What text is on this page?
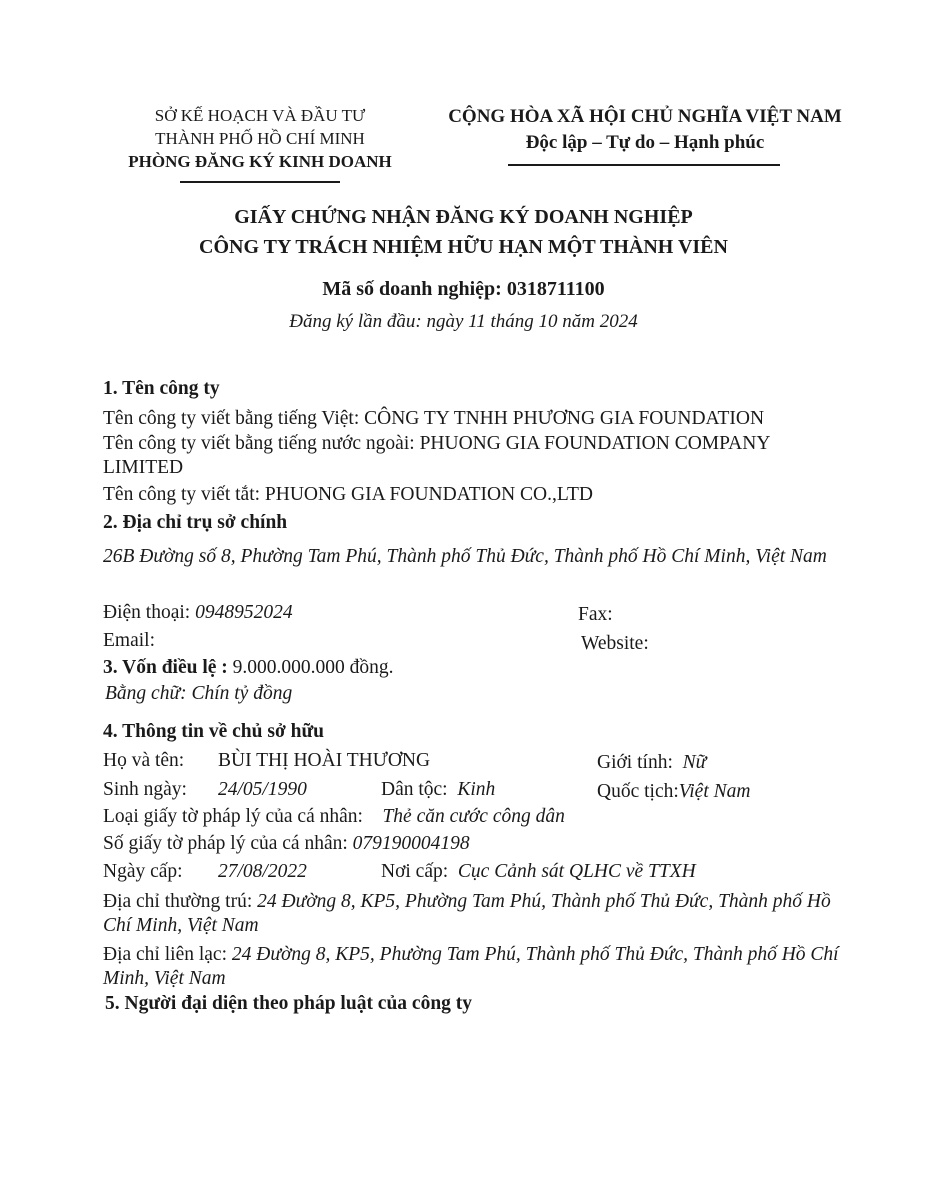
SỞ KẾ HOẠCH VÀ ĐẦU TƯ
THÀNH PHỐ HỒ CHÍ MINH
PHÒNG ĐĂNG KÝ KINH DOANH
CỘNG HÒA XÃ HỘI CHỦ NGHĨA VIỆT NAM
Độc lập – Tự do – Hạnh phúc
GIẤY CHỨNG NHẬN ĐĂNG KÝ DOANH NGHIỆP
CÔNG TY TRÁCH NHIỆM HỮU HẠN MỘT THÀNH VIÊN
Mã số doanh nghiệp: 0318711100
Đăng ký lần đầu: ngày 11 tháng 10 năm 2024
1. Tên công ty
Tên công ty viết bằng tiếng Việt: CÔNG TY TNHH PHƯƠNG GIA FOUNDATION
Tên công ty viết bằng tiếng nước ngoài: PHUONG GIA FOUNDATION COMPANY LIMITED
Tên công ty viết tắt: PHUONG GIA FOUNDATION CO.,LTD
2. Địa chỉ trụ sở chính
26B Đường số 8, Phường Tam Phú, Thành phố Thủ Đức, Thành phố Hồ Chí Minh, Việt Nam
Điện thoại: 0948952024	Fax:
Email:	Website:
3. Vốn điều lệ : 9.000.000.000 đồng.
Bằng chữ: Chín tỷ đồng
4. Thông tin về chủ sở hữu
Họ và tên: BÙI THỊ HOÀI THƯƠNG	Giới tính: Nữ
Sinh ngày: 24/05/1990	Dân tộc: Kinh	Quốc tịch:Việt Nam
Loại giấy tờ pháp lý của cá nhân: Thẻ căn cước công dân
Số giấy tờ pháp lý của cá nhân: 079190004198
Ngày cấp: 27/08/2022	Nơi cấp: Cục Cảnh sát QLHC về TTXH
Địa chỉ thường trú: 24 Đường 8, KP5, Phường Tam Phú, Thành phố Thủ Đức, Thành phố Hồ Chí Minh, Việt Nam
Địa chỉ liên lạc: 24 Đường 8, KP5, Phường Tam Phú, Thành phố Thủ Đức, Thành phố Hồ Chí Minh, Việt Nam
5. Người đại diện theo pháp luật của công ty
